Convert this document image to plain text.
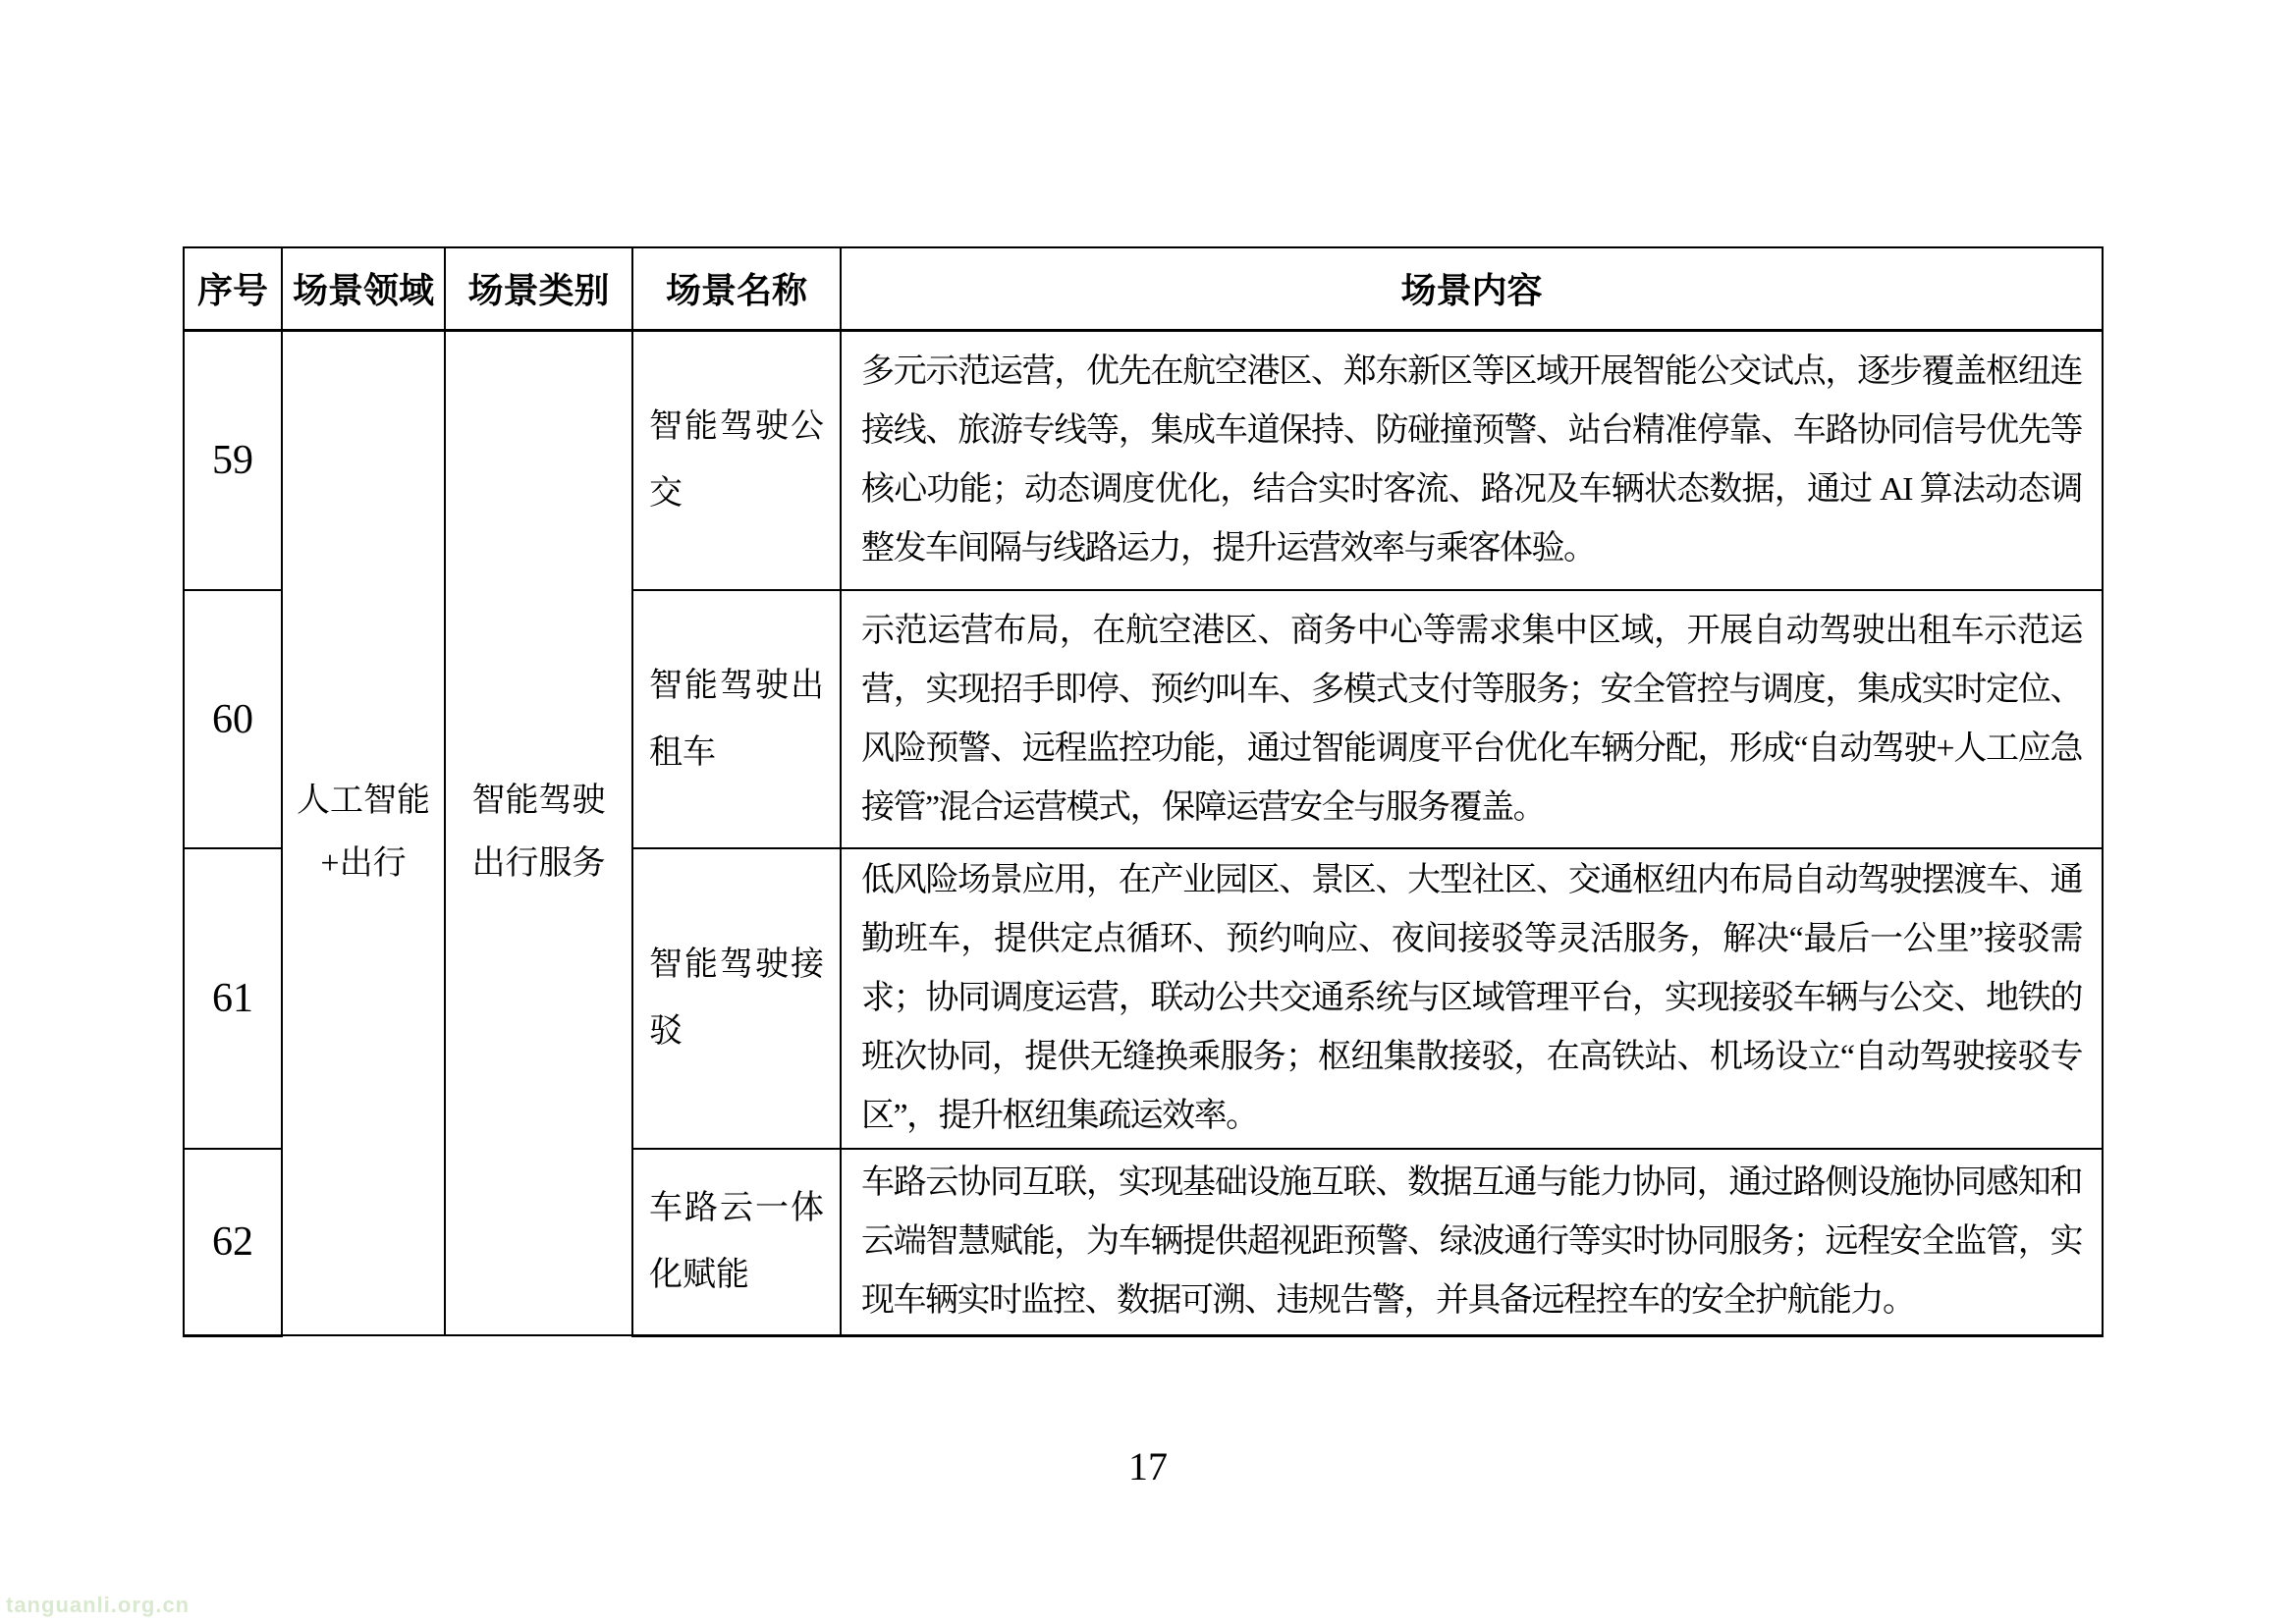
序号	场景领域	场景类别	场景名称	场景内容
59	人工智能+出行	智能驾驶出行服务	智能驾驶公交	多元示范运营，优先在航空港区、郑东新区等区域开展智能公交试点，逐步覆盖枢纽连接线、旅游专线等，集成车道保持、防碰撞预警、站台精准停靠、车路协同信号优先等核心功能；动态调度优化，结合实时客流、路况及车辆状态数据，通过 AI 算法动态调整发车间隔与线路运力，提升运营效率与乘客体验。
60			智能驾驶出租车	示范运营布局，在航空港区、商务中心等需求集中区域，开展自动驾驶出租车示范运营，实现招手即停、预约叫车、多模式支付等服务；安全管控与调度，集成实时定位、风险预警、远程监控功能，通过智能调度平台优化车辆分配，形成“自动驾驶+人工应急接管”混合运营模式，保障运营安全与服务覆盖。
61			智能驾驶接驳	低风险场景应用，在产业园区、景区、大型社区、交通枢纽内布局自动驾驶摆渡车、通勤班车，提供定点循环、预约响应、夜间接驳等灵活服务，解决“最后一公里”接驳需求；协同调度运营，联动公共交通系统与区域管理平台，实现接驳车辆与公交、地铁的班次协同，提供无缝换乘服务；枢纽集散接驳，在高铁站、机场设立“自动驾驶接驳专区”，提升枢纽集疏运效率。
62			车路云一体化赋能	车路云协同互联，实现基础设施互联、数据互通与能力协同，通过路侧设施协同感知和云端智慧赋能，为车辆提供超视距预警、绿波通行等实时协同服务；远程安全监管，实现车辆实时监控、数据可溯、违规告警，并具备远程控车的安全护航能力。
17
tanguanli.org.cn
